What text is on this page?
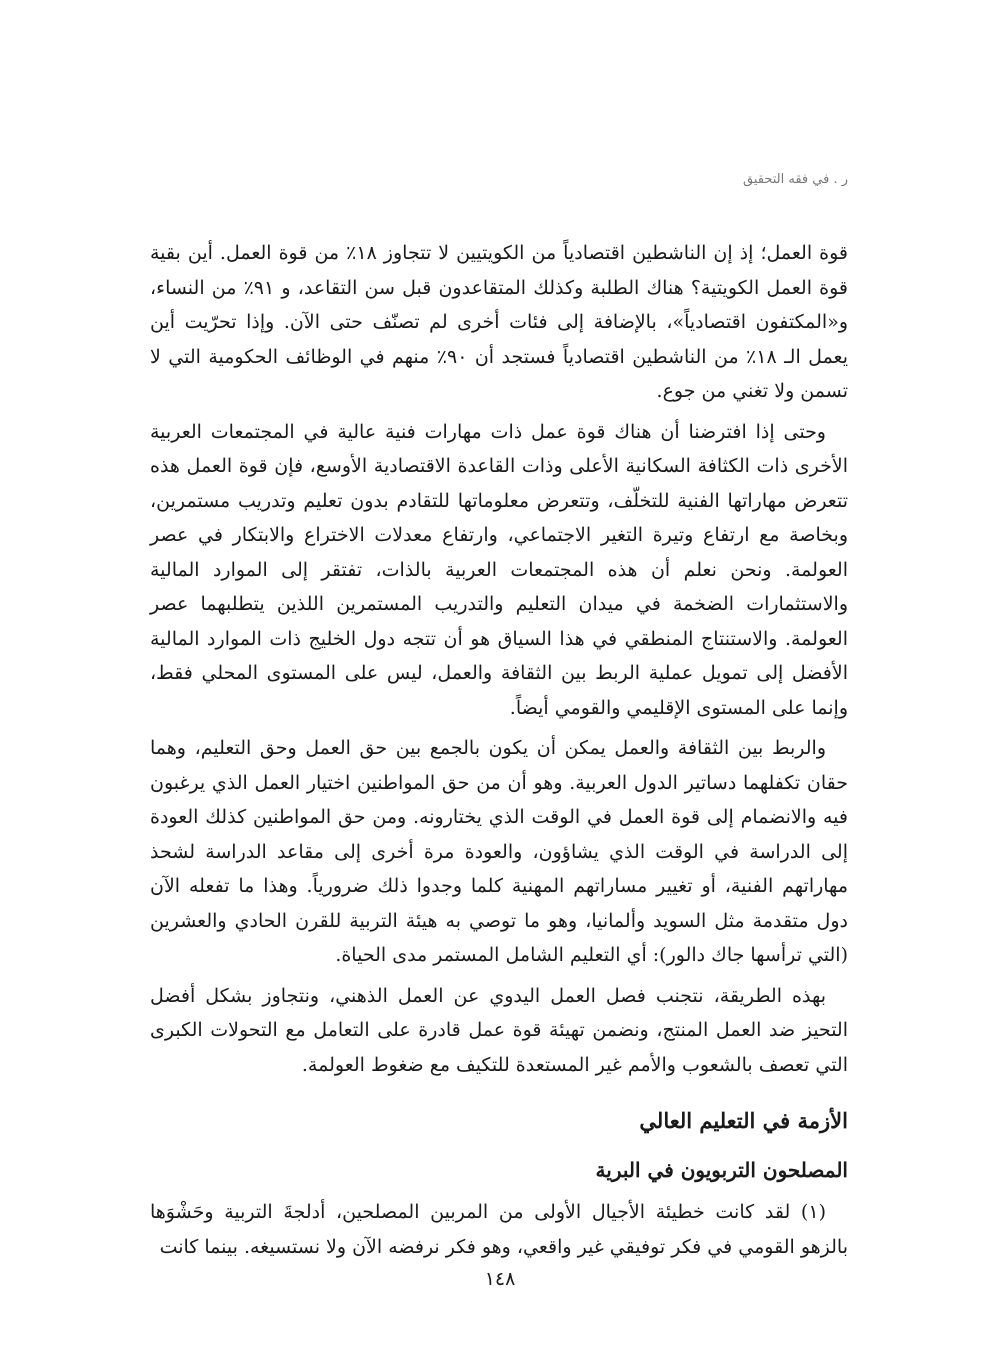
ر . في فقه التحقيق

قوة العمل؛ إذ إن الناشطين اقتصادياً من الكويتيين لا تتجاوز ١٨٪ من قوة العمل. أين بقية قوة العمل الكويتية؟ هناك الطلبة وكذلك المتقاعدون قبل سن التقاعد، و ٩١٪ من النساء، و«المكتفون اقتصادياً»، بالإضافة إلى فئات أخرى لم تصنّف حتى الآن. وإذا تحرّيت أين يعمل الـ ١٨٪ من الناشطين اقتصادياً فستجد أن ٩٠٪ منهم في الوظائف الحكومية التي لا تسمن ولا تغني من جوع.

وحتى إذا افترضنا أن هناك قوة عمل ذات مهارات فنية عالية في المجتمعات العربية الأخرى ذات الكثافة السكانية الأعلى وذات القاعدة الاقتصادية الأوسع، فإن قوة العمل هذه تتعرض مهاراتها الفنية للتخلّف، وتتعرض معلوماتها للتقادم بدون تعليم وتدريب مستمرين، وبخاصة مع ارتفاع وتيرة التغير الاجتماعي، وارتفاع معدلات الاختراع والابتكار في عصر العولمة. ونحن نعلم أن هذه المجتمعات العربية بالذات، تفتقر إلى الموارد المالية والاستثمارات الضخمة في ميدان التعليم والتدريب المستمرين اللذين يتطلبهما عصر العولمة. والاستنتاج المنطقي في هذا السياق هو أن تتجه دول الخليج ذات الموارد المالية الأفضل إلى تمويل عملية الربط بين الثقافة والعمل، ليس على المستوى المحلي فقط، وإنما على المستوى الإقليمي والقومي أيضاً.

والربط بين الثقافة والعمل يمكن أن يكون بالجمع بين حق العمل وحق التعليم، وهما حقان تكفلهما دساتير الدول العربية. وهو أن من حق المواطنين اختيار العمل الذي يرغبون فيه والانضمام إلى قوة العمل في الوقت الذي يختارونه. ومن حق المواطنين كذلك العودة إلى الدراسة في الوقت الذي يشاؤون، والعودة مرة أخرى إلى مقاعد الدراسة لشحذ مهاراتهم الفنية، أو تغيير مساراتهم المهنية كلما وجدوا ذلك ضرورياً. وهذا ما تفعله الآن دول متقدمة مثل السويد وألمانيا، وهو ما توصي به هيئة التربية للقرن الحادي والعشرين (التي ترأسها جاك دالور): أي التعليم الشامل المستمر مدى الحياة.

بهذه الطريقة، نتجنب فصل العمل اليدوي عن العمل الذهني، ونتجاوز بشكل أفضل التحيز ضد العمل المنتج، ونضمن تهيئة قوة عمل قادرة على التعامل مع التحولات الكبرى التي تعصف بالشعوب والأمم غير المستعدة للتكيف مع ضغوط العولمة.

الأزمة في التعليم العالي
المصلحون التربويون في البرية

(١) لقد كانت خطيئة الأجيال الأولى من المربين المصلحين، أدلجةَ التربية وحَشْوَها بالزهو القومي في فكر توفيقي غير واقعي، وهو فكر نرفضه الآن ولا نستسيغه. بينما كانت

١٤٨
